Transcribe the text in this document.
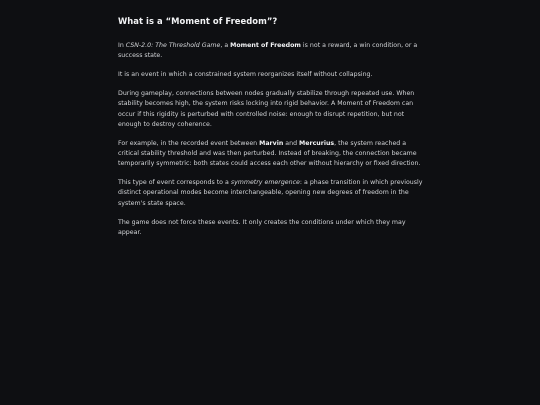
What is a “Moment of Freedom”?

In CSN-2.0: The Threshold Game, a Moment of Freedom is not a reward, a win condition, or a success state.

It is an event in which a constrained system reorganizes itself without collapsing.

During gameplay, connections between nodes gradually stabilize through repeated use. When stability becomes high, the system risks locking into rigid behavior. A Moment of Freedom can occur if this rigidity is perturbed with controlled noise: enough to disrupt repetition, but not enough to destroy coherence.

For example, in the recorded event between Marvin and Mercurius, the system reached a critical stability threshold and was then perturbed. Instead of breaking, the connection became temporarily symmetric: both states could access each other without hierarchy or fixed direction.

This type of event corresponds to a symmetry emergence: a phase transition in which previously distinct operational modes become interchangeable, opening new degrees of freedom in the system's state space.

The game does not force these events. It only creates the conditions under which they may appear.
